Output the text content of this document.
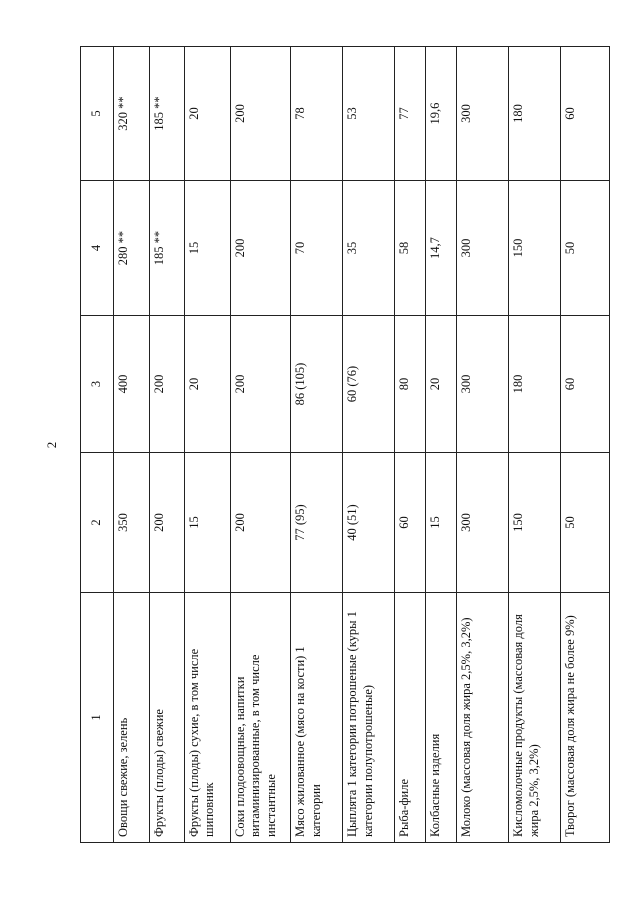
2
1	2	3	4	5
Овощи свежие, зелень	350	400	280 **	320 **
Фрукты (плоды) свежие	200	200	185 **	185 **
Фрукты (плоды) сухие, в том числе шиповник	15	20	15	20
Соки плодоовощные, напитки витаминизированные, в том числе инстантные	200	200	200	200
Мясо жилованное (мясо на кости) 1 категории	77 (95)	86 (105)	70	78
Цыплята 1 категории потрошеные (куры 1 категории полупотрошеные)	40 (51)	60 (76)	35	53
Рыба-филе	60	80	58	77
Колбасные изделия	15	20	14,7	19,6
Молоко (массовая доля жира 2,5%, 3,2%)	300	300	300	300
Кисломолочные продукты (массовая доля жира 2,5%, 3,2%)	150	180	150	180
Творог (массовая доля жира не более 9%)	50	60	50	60
